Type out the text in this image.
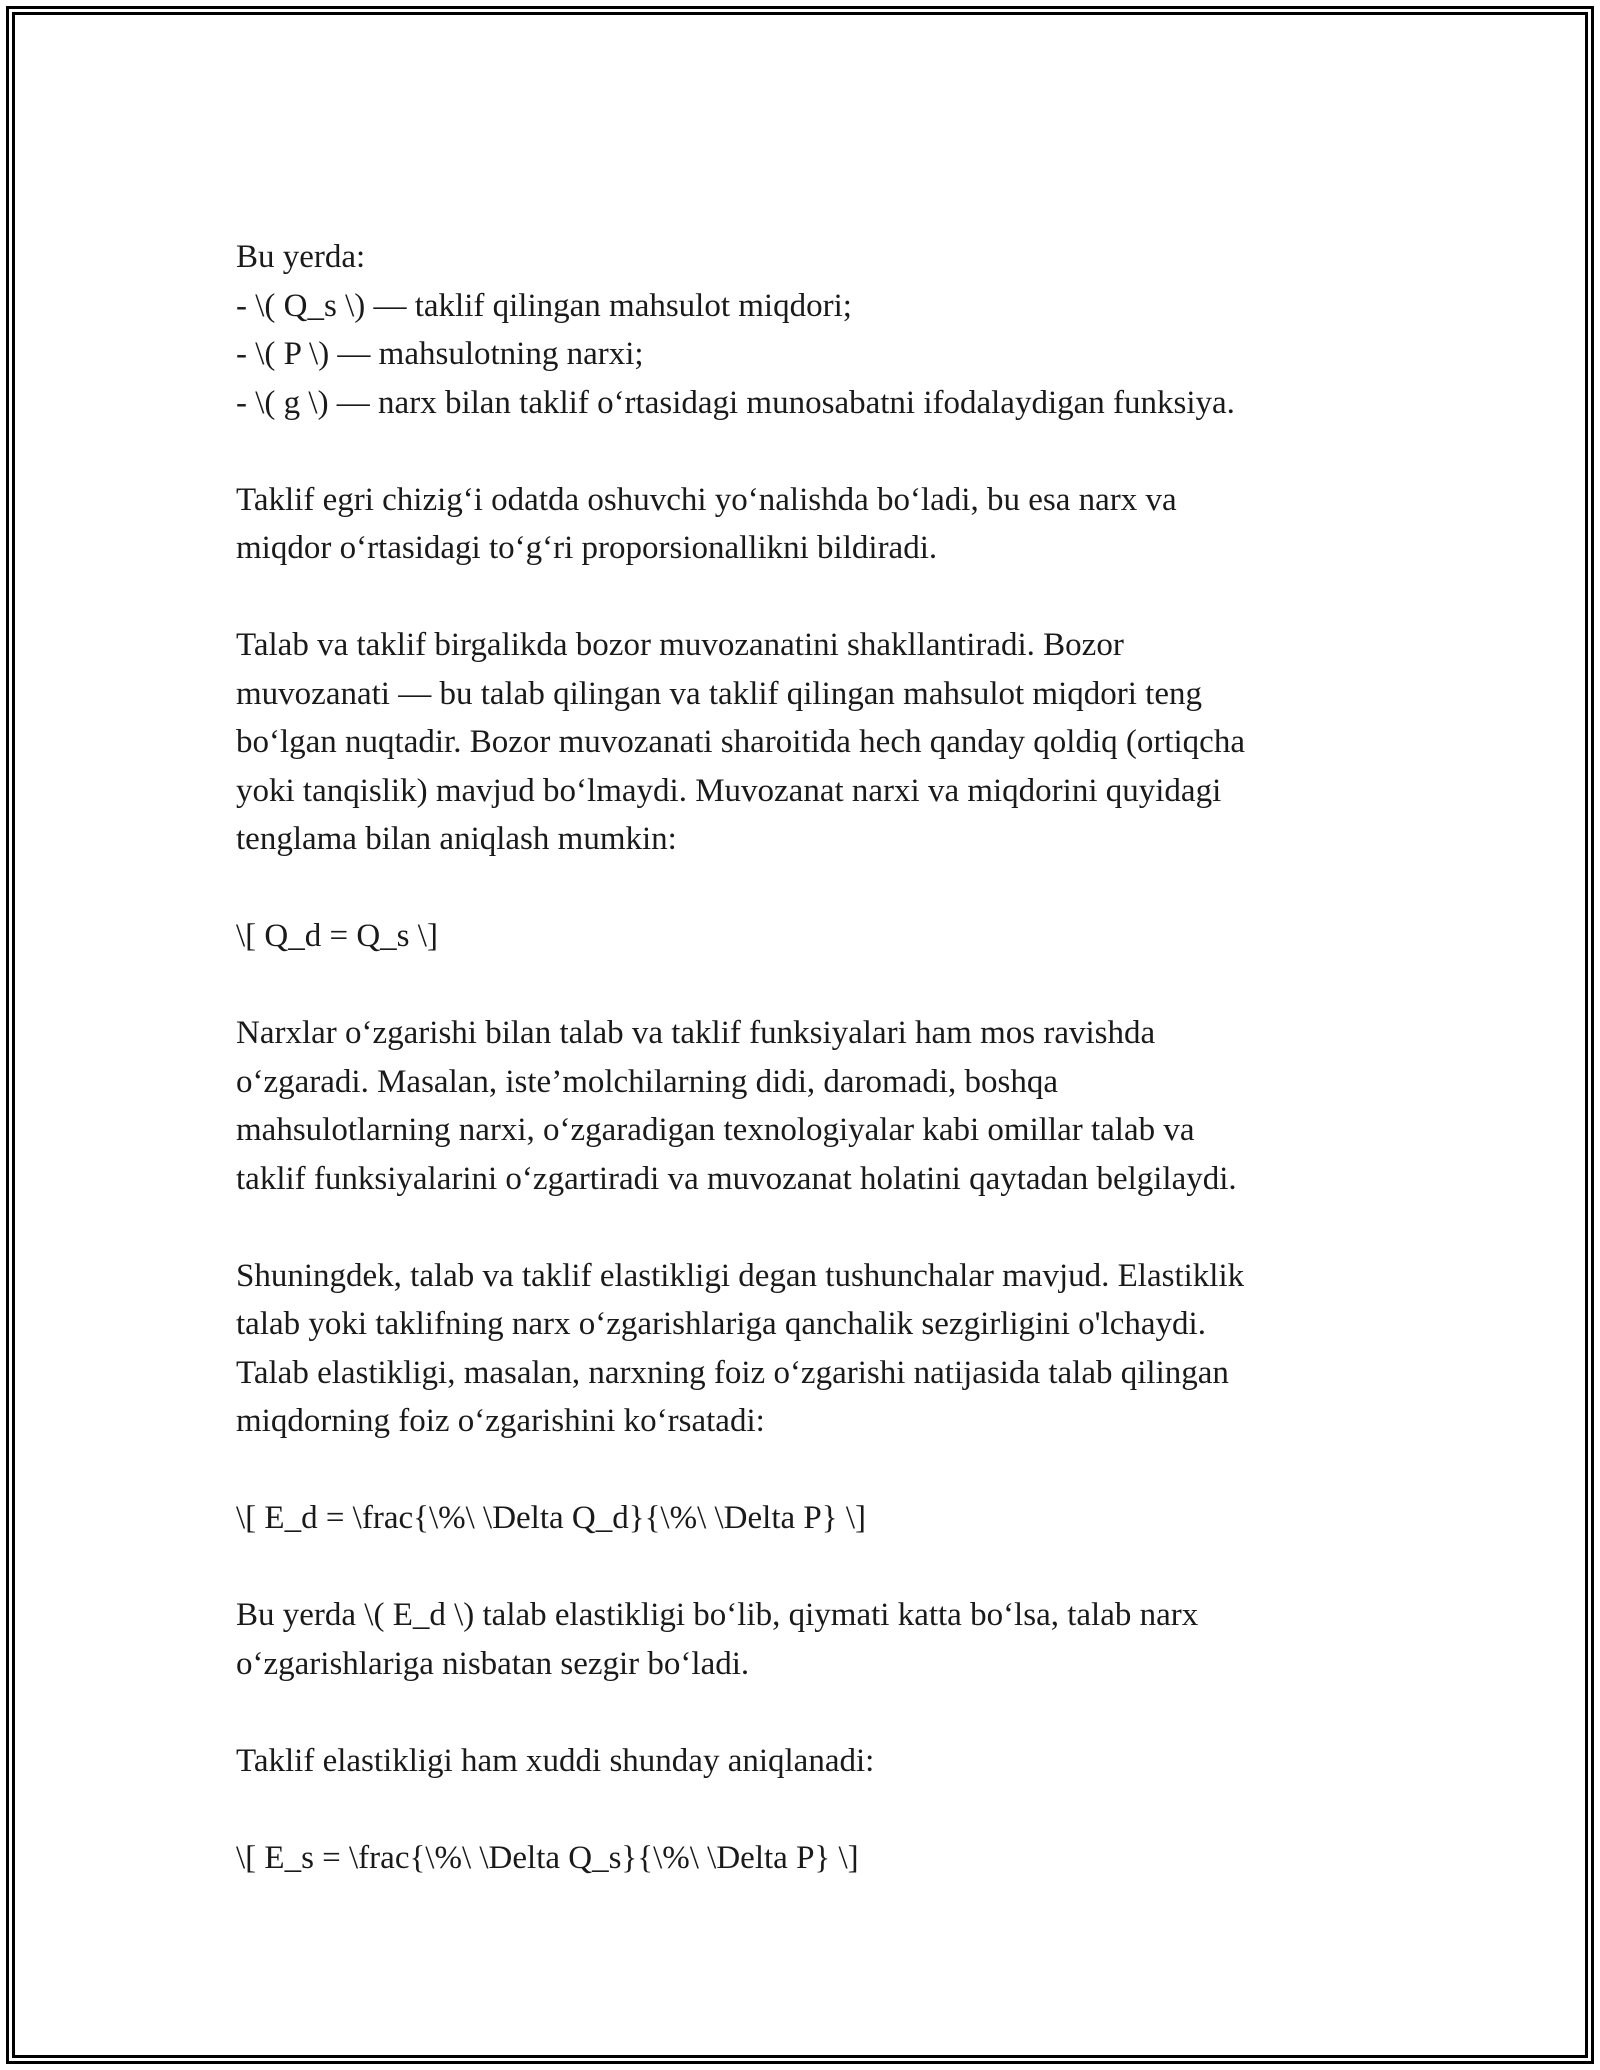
Bu yerda:
- \( Q_s \) — taklif qilingan mahsulot miqdori;
- \( P \) — mahsulotning narxi;
- \( g \) — narx bilan taklif o‘rtasidagi munosabatni ifodalaydigan funksiya.

Taklif egri chizig‘i odatda oshuvchi yo‘nalishda bo‘ladi, bu esa narx va
miqdor o‘rtasidagi to‘g‘ri proporsionallikni bildiradi.

Talab va taklif birgalikda bozor muvozanatini shakllantiradi. Bozor
muvozanati — bu talab qilingan va taklif qilingan mahsulot miqdori teng
bo‘lgan nuqtadir. Bozor muvozanati sharoitida hech qanday qoldiq (ortiqcha
yoki tanqislik) mavjud bo‘lmaydi. Muvozanat narxi va miqdorini quyidagi
tenglama bilan aniqlash mumkin:

\[ Q_d = Q_s \]

Narxlar o‘zgarishi bilan talab va taklif funksiyalari ham mos ravishda
o‘zgaradi. Masalan, iste’molchilarning didi, daromadi, boshqa
mahsulotlarning narxi, o‘zgaradigan texnologiyalar kabi omillar talab va
taklif funksiyalarini o‘zgartiradi va muvozanat holatini qaytadan belgilaydi.

Shuningdek, talab va taklif elastikligi degan tushunchalar mavjud. Elastiklik
talab yoki taklifning narx o‘zgarishlariga qanchalik sezgirligini o'lchaydi.
Talab elastikligi, masalan, narxning foiz o‘zgarishi natijasida talab qilingan
miqdorning foiz o‘zgarishini ko‘rsatadi:

\[ E_d = \frac{\%\ \Delta Q_d}{\%\ \Delta P} \]

Bu yerda \( E_d \) talab elastikligi bo‘lib, qiymati katta bo‘lsa, talab narx
o‘zgarishlariga nisbatan sezgir bo‘ladi.

Taklif elastikligi ham xuddi shunday aniqlanadi:

\[ E_s = \frac{\%\ \Delta Q_s}{\%\ \Delta P} \]
